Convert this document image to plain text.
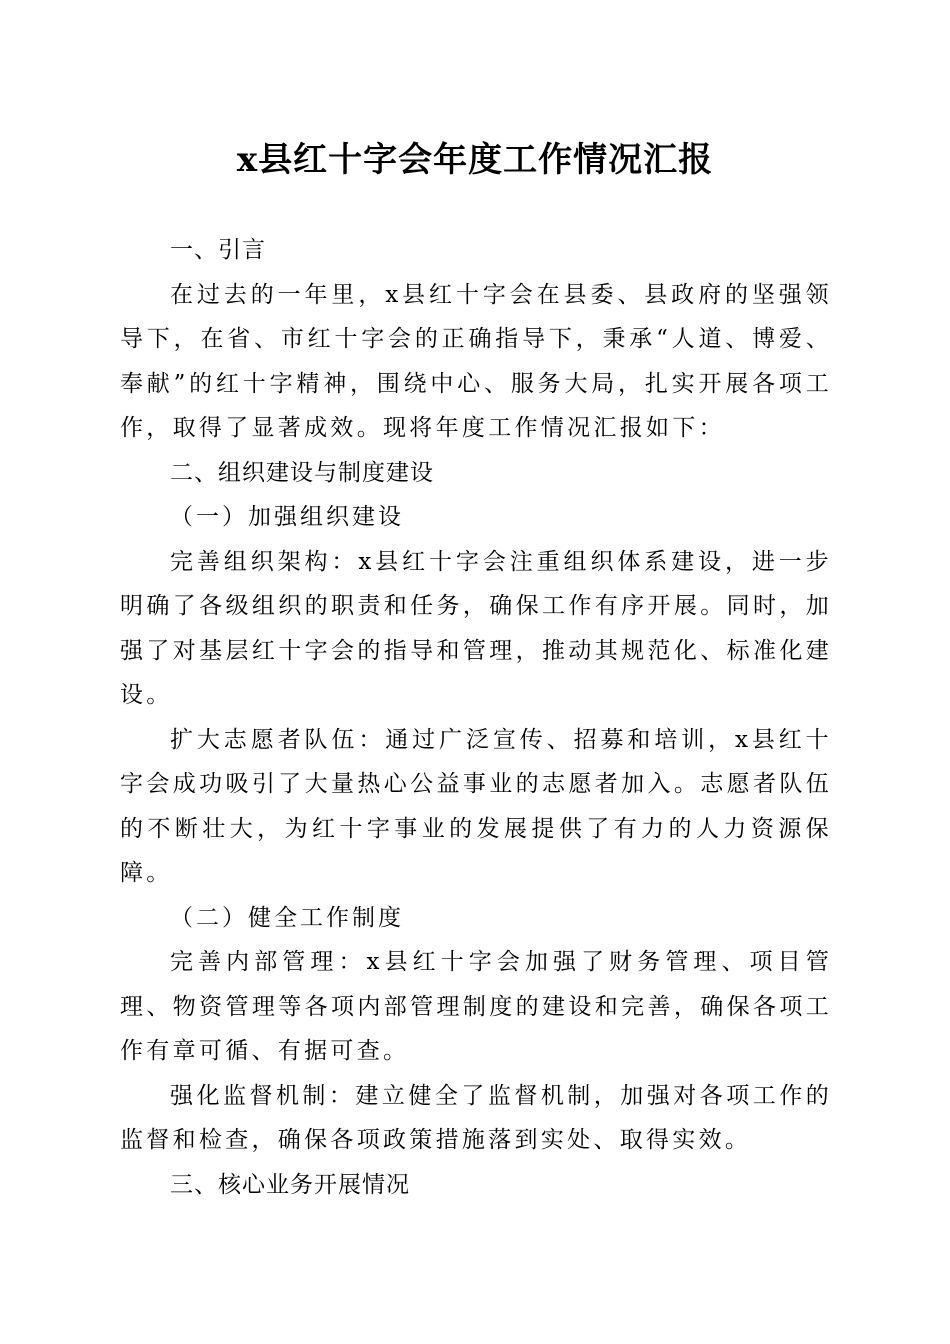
x县红十字会年度工作情况汇报

一、引言

在过去的一年里，x县红十字会在县委、县政府的坚强领导下，在省、市红十字会的正确指导下，秉承“人道、博爱、奉献”的红十字精神，围绕中心、服务大局，扎实开展各项工作，取得了显著成效。现将年度工作情况汇报如下：

二、组织建设与制度建设

（一）加强组织建设

完善组织架构：x县红十字会注重组织体系建设，进一步明确了各级组织的职责和任务，确保工作有序开展。同时，加强了对基层红十字会的指导和管理，推动其规范化、标准化建设。

扩大志愿者队伍：通过广泛宣传、招募和培训，x县红十字会成功吸引了大量热心公益事业的志愿者加入。志愿者队伍的不断壮大，为红十字事业的发展提供了有力的人力资源保障。

（二）健全工作制度

完善内部管理：x县红十字会加强了财务管理、项目管理、物资管理等各项内部管理制度的建设和完善，确保各项工作有章可循、有据可查。

强化监督机制：建立健全了监督机制，加强对各项工作的监督和检查，确保各项政策措施落到实处、取得实效。

三、核心业务开展情况
